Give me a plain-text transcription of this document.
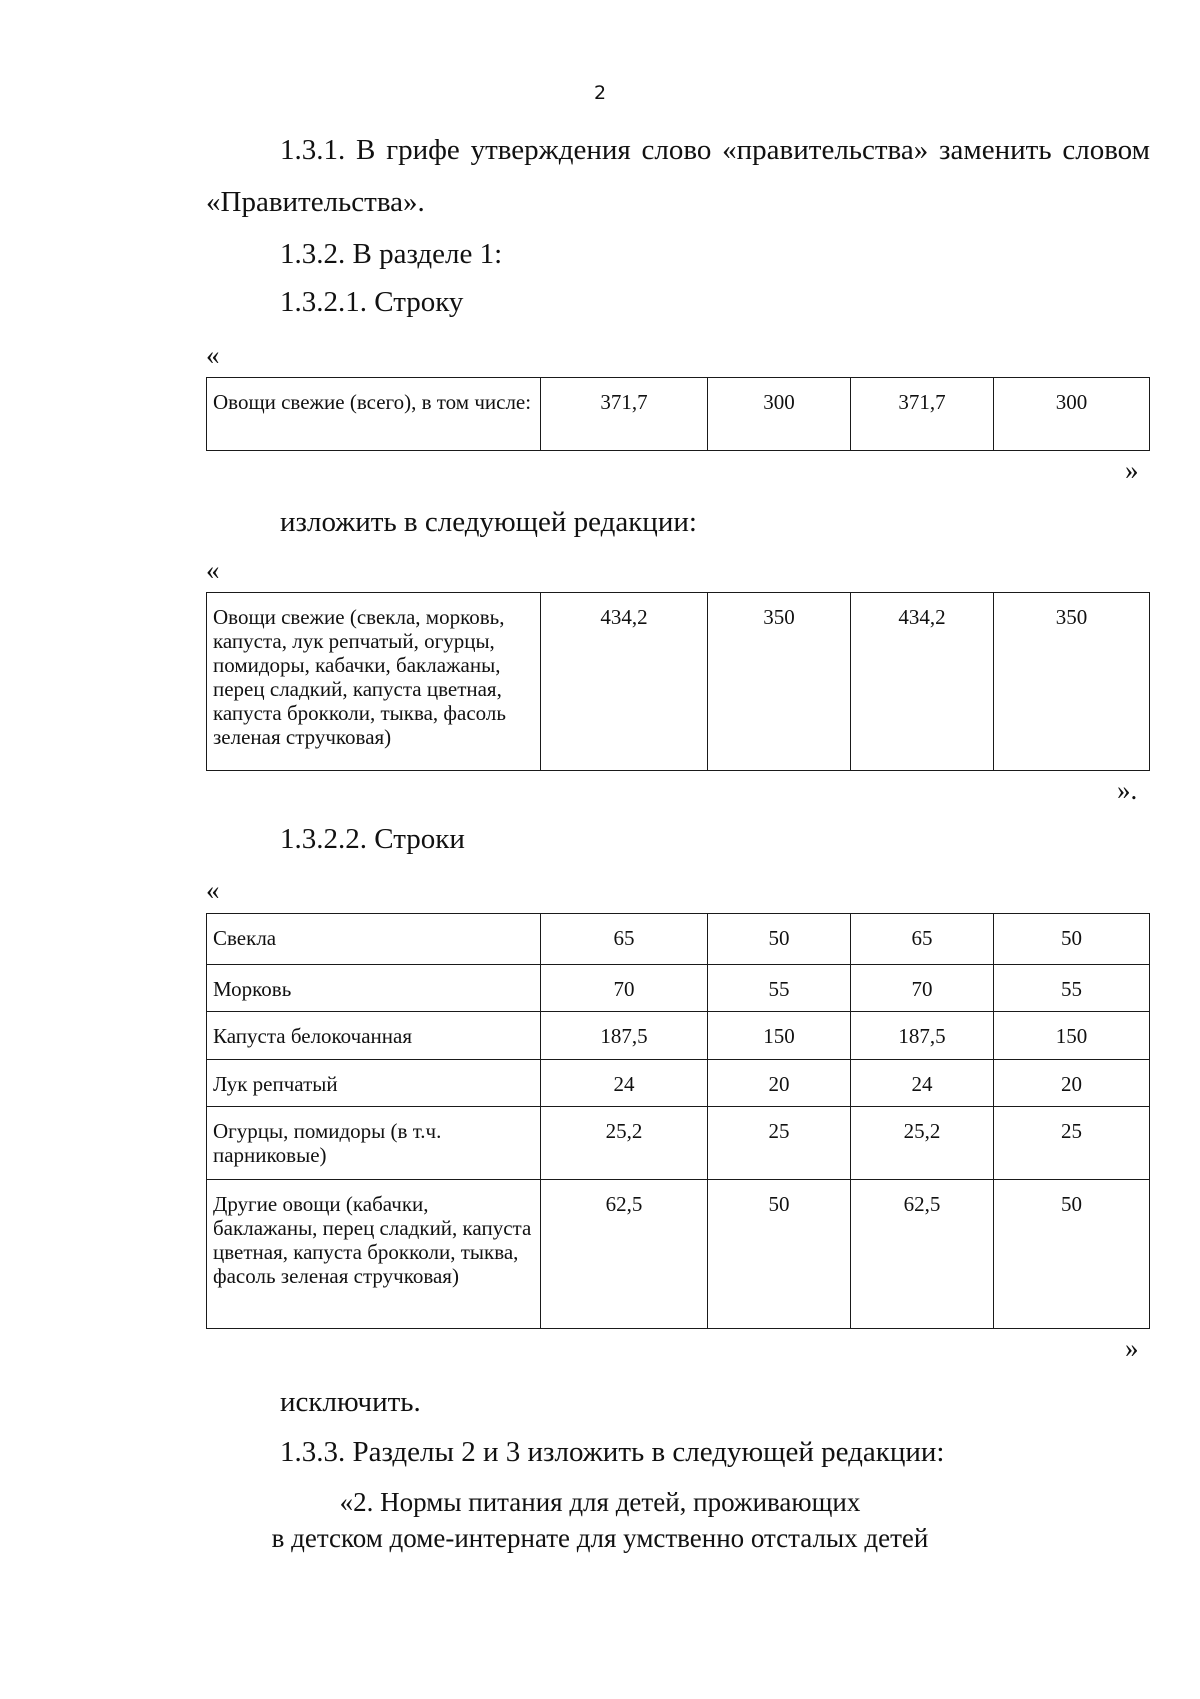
2
1.3.1. В грифе утверждения слово «правительства» заменить словом
«Правительства».
1.3.2. В разделе 1:
1.3.2.1. Строку
«
Овощи свежие (всего), в том числе:	371,7	300	371,7	300
»
изложить в следующей редакции:
«
Овощи свежие (свекла, морковь, капуста, лук репчатый, огурцы, помидоры, кабачки, баклажаны, перец сладкий, капуста цветная, капуста брокколи, тыква, фасоль зеленая стручковая)	434,2	350	434,2	350
».
1.3.2.2. Строки
«
Свекла	65	50	65	50
Морковь	70	55	70	55
Капуста белокочанная	187,5	150	187,5	150
Лук репчатый	24	20	24	20
Огурцы, помидоры (в т.ч. парниковые)	25,2	25	25,2	25
Другие овощи (кабачки, баклажаны, перец сладкий, капуста цветная, капуста брокколи, тыква, фасоль зеленая стручковая)	62,5	50	62,5	50
»
исключить.
1.3.3. Разделы 2 и 3 изложить в следующей редакции:
«2. Нормы питания для детей, проживающих
в детском доме-интернате для умственно отсталых детей
